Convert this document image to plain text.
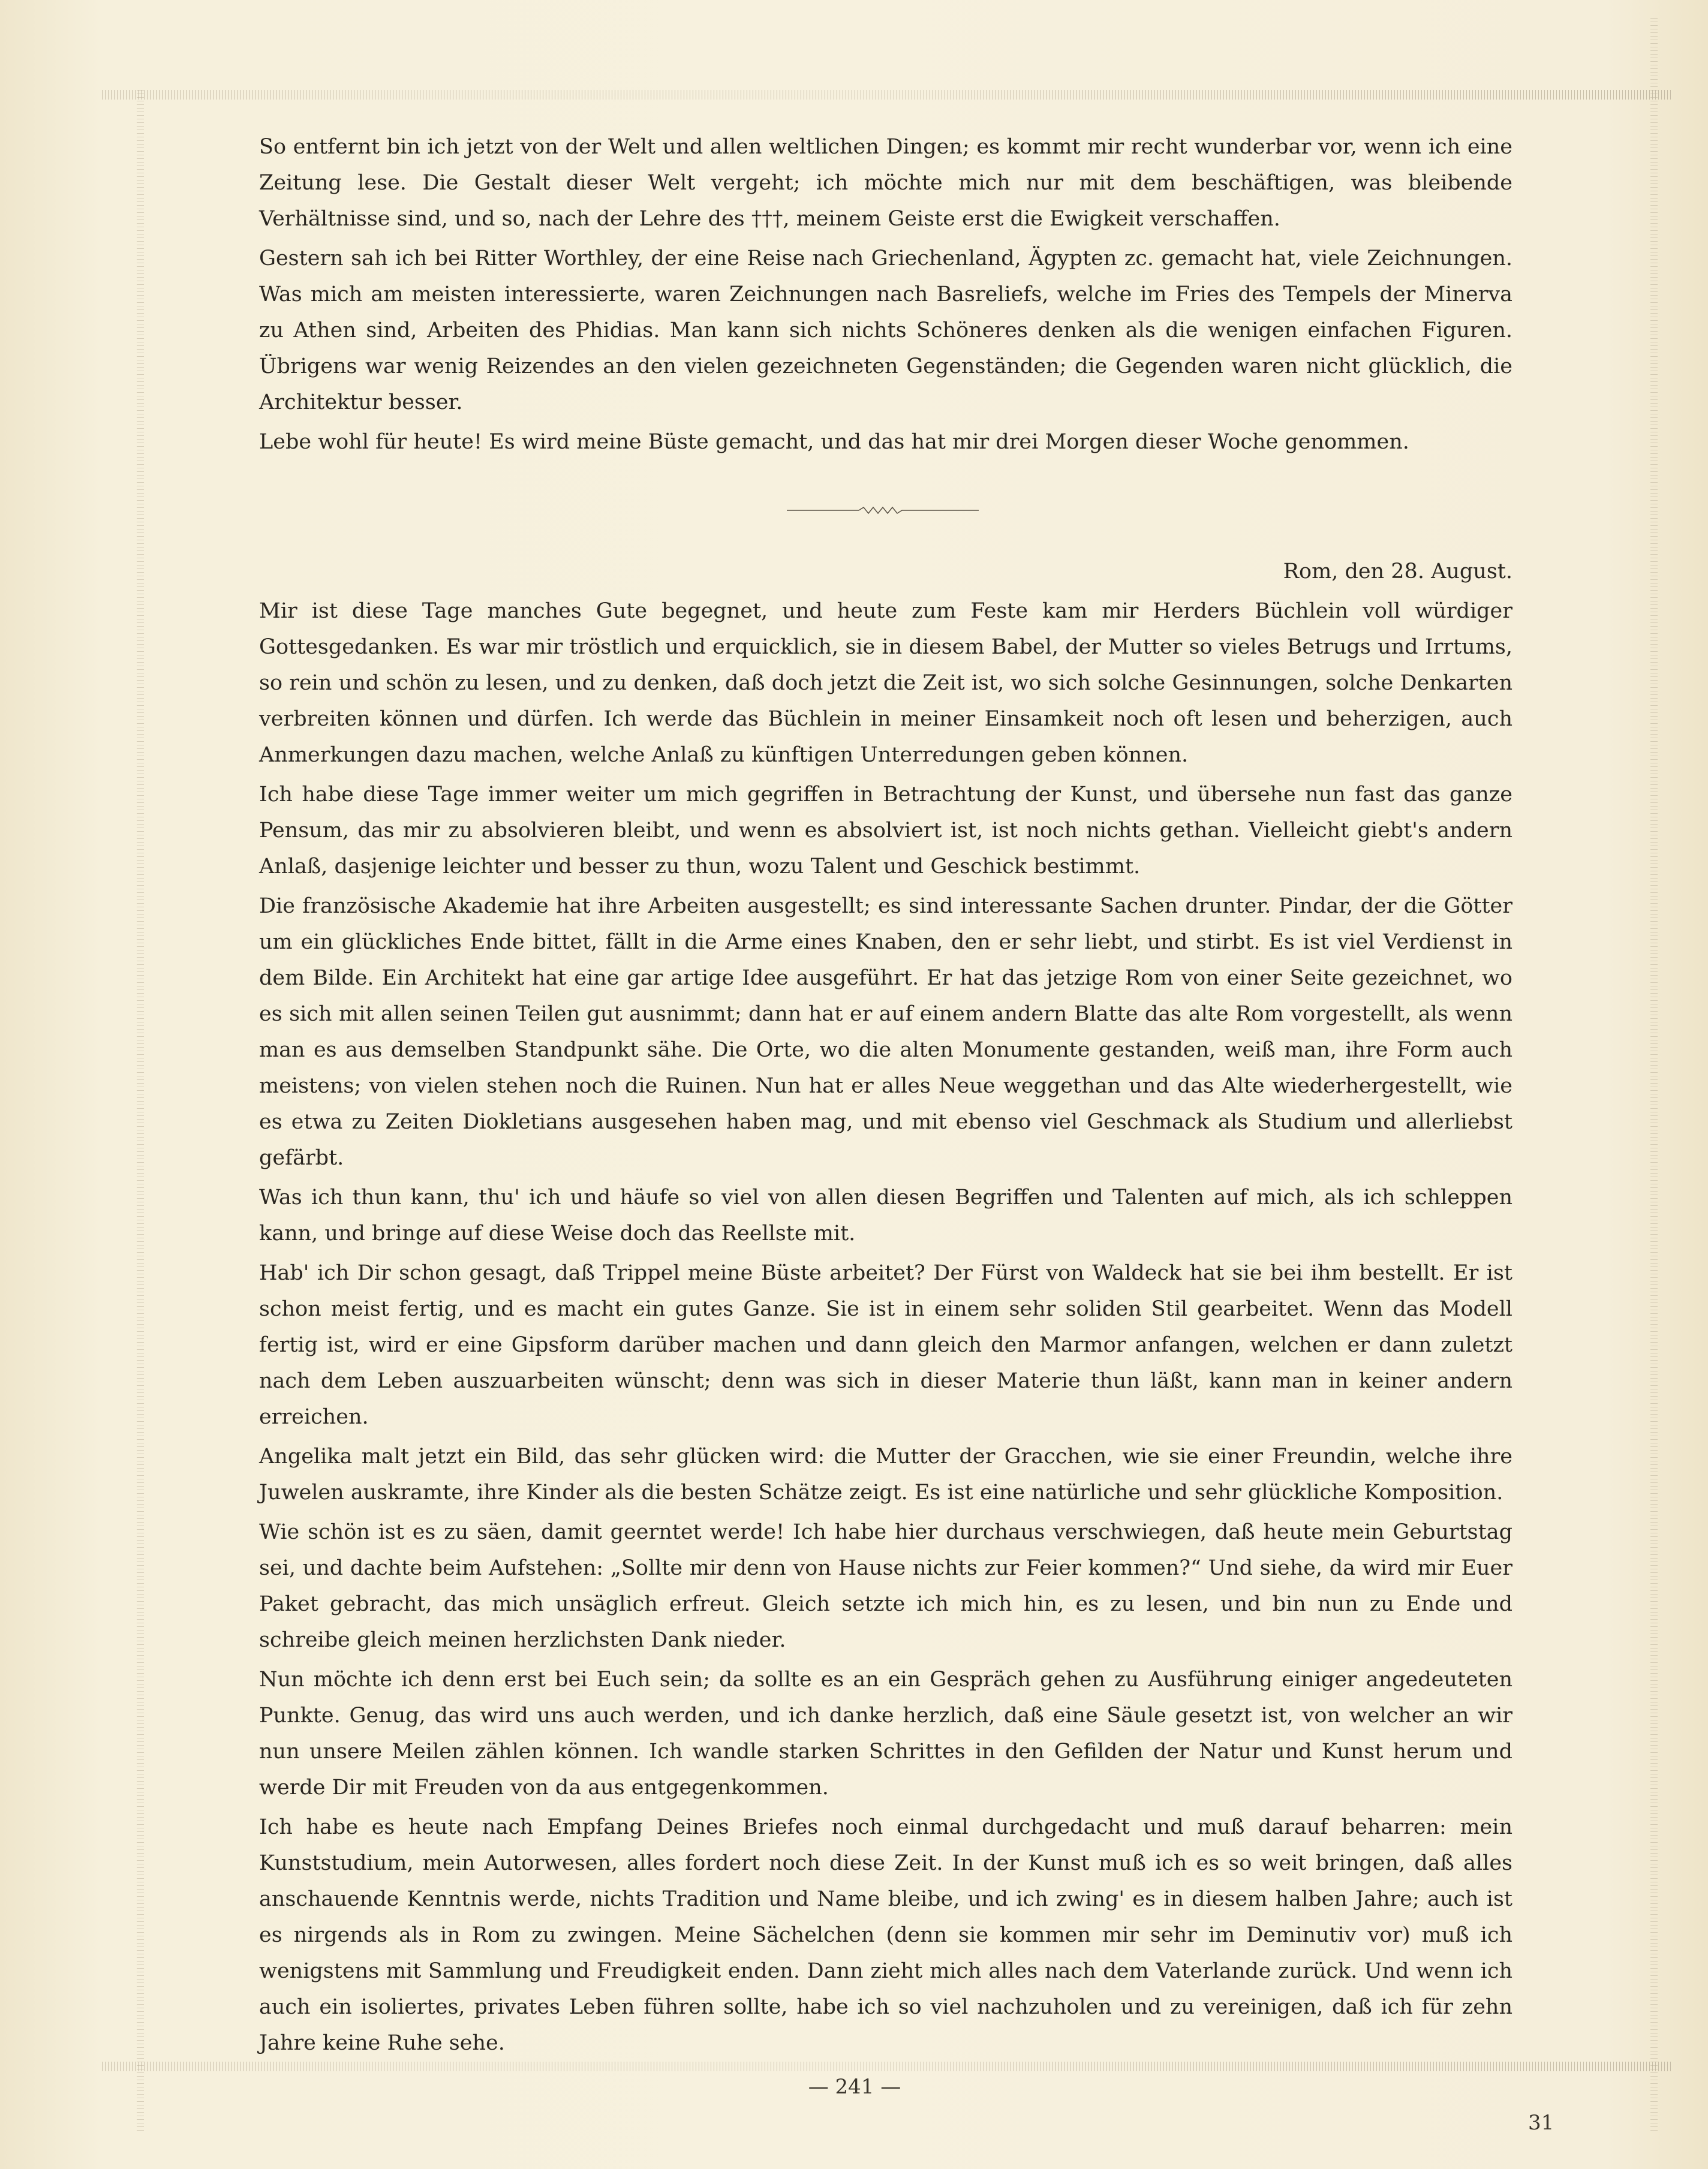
So entfernt bin ich jetzt von der Welt und allen weltlichen Dingen; es kommt mir recht wunderbar vor, wenn ich eine Zeitung lese. Die Gestalt dieser Welt vergeht; ich möchte mich nur mit dem beschäftigen, was bleibende Verhältnisse sind, und so, nach der Lehre des †††, meinem Geiste erst die Ewigkeit verschaffen.

Gestern sah ich bei Ritter Worthley, der eine Reise nach Griechenland, Ägypten zc. gemacht hat, viele Zeichnungen. Was mich am meisten interessierte, waren Zeichnungen nach Basreliefs, welche im Fries des Tempels der Minerva zu Athen sind, Arbeiten des Phidias. Man kann sich nichts Schöneres denken als die wenigen einfachen Figuren. Übrigens war wenig Reizendes an den vielen gezeichneten Gegenständen; die Gegenden waren nicht glücklich, die Architektur besser.

Lebe wohl für heute! Es wird meine Büste gemacht, und das hat mir drei Morgen dieser Woche genommen.

Rom, den 28. August.

Mir ist diese Tage manches Gute begegnet, und heute zum Feste kam mir Herders Büchlein voll würdiger Gottesgedanken. Es war mir tröstlich und erquicklich, sie in diesem Babel, der Mutter so vieles Betrugs und Irrtums, so rein und schön zu lesen, und zu denken, daß doch jetzt die Zeit ist, wo sich solche Gesinnungen, solche Denkarten verbreiten können und dürfen. Ich werde das Büchlein in meiner Einsamkeit noch oft lesen und beherzigen, auch Anmerkungen dazu machen, welche Anlaß zu künftigen Unterredungen geben können.

Ich habe diese Tage immer weiter um mich gegriffen in Betrachtung der Kunst, und übersehe nun fast das ganze Pensum, das mir zu absolvieren bleibt, und wenn es absolviert ist, ist noch nichts gethan. Vielleicht giebt's andern Anlaß, dasjenige leichter und besser zu thun, wozu Talent und Geschick bestimmt.

Die französische Akademie hat ihre Arbeiten ausgestellt; es sind interessante Sachen drunter. Pindar, der die Götter um ein glückliches Ende bittet, fällt in die Arme eines Knaben, den er sehr liebt, und stirbt. Es ist viel Verdienst in dem Bilde. Ein Architekt hat eine gar artige Idee ausgeführt. Er hat das jetzige Rom von einer Seite gezeichnet, wo es sich mit allen seinen Teilen gut ausnimmt; dann hat er auf einem andern Blatte das alte Rom vorgestellt, als wenn man es aus demselben Standpunkt sähe. Die Orte, wo die alten Monumente gestanden, weiß man, ihre Form auch meistens; von vielen stehen noch die Ruinen. Nun hat er alles Neue weggethan und das Alte wiederhergestellt, wie es etwa zu Zeiten Diokletians ausgesehen haben mag, und mit ebenso viel Geschmack als Studium und allerliebst gefärbt.

Was ich thun kann, thu' ich und häufe so viel von allen diesen Begriffen und Talenten auf mich, als ich schleppen kann, und bringe auf diese Weise doch das Reellste mit.

Hab' ich Dir schon gesagt, daß Trippel meine Büste arbeitet? Der Fürst von Waldeck hat sie bei ihm bestellt. Er ist schon meist fertig, und es macht ein gutes Ganze. Sie ist in einem sehr soliden Stil gearbeitet. Wenn das Modell fertig ist, wird er eine Gipsform darüber machen und dann gleich den Marmor anfangen, welchen er dann zuletzt nach dem Leben auszuarbeiten wünscht; denn was sich in dieser Materie thun läßt, kann man in keiner andern erreichen.

Angelika malt jetzt ein Bild, das sehr glücken wird: die Mutter der Gracchen, wie sie einer Freundin, welche ihre Juwelen auskramte, ihre Kinder als die besten Schätze zeigt. Es ist eine natürliche und sehr glückliche Komposition.

Wie schön ist es zu säen, damit geerntet werde! Ich habe hier durchaus verschwiegen, daß heute mein Geburtstag sei, und dachte beim Aufstehen: „Sollte mir denn von Hause nichts zur Feier kommen?“ Und siehe, da wird mir Euer Paket gebracht, das mich unsäglich erfreut. Gleich setzte ich mich hin, es zu lesen, und bin nun zu Ende und schreibe gleich meinen herzlichsten Dank nieder.

Nun möchte ich denn erst bei Euch sein; da sollte es an ein Gespräch gehen zu Ausführung einiger angedeuteten Punkte. Genug, das wird uns auch werden, und ich danke herzlich, daß eine Säule gesetzt ist, von welcher an wir nun unsere Meilen zählen können. Ich wandle starken Schrittes in den Gefilden der Natur und Kunst herum und werde Dir mit Freuden von da aus entgegenkommen.

Ich habe es heute nach Empfang Deines Briefes noch einmal durchgedacht und muß darauf beharren: mein Kunststudium, mein Autorwesen, alles fordert noch diese Zeit. In der Kunst muß ich es so weit bringen, daß alles anschauende Kenntnis werde, nichts Tradition und Name bleibe, und ich zwing' es in diesem halben Jahre; auch ist es nirgends als in Rom zu zwingen. Meine Sächelchen (denn sie kommen mir sehr im Deminutiv vor) muß ich wenigstens mit Sammlung und Freudigkeit enden. Dann zieht mich alles nach dem Vaterlande zurück. Und wenn ich auch ein isoliertes, privates Leben führen sollte, habe ich so viel nachzuholen und zu vereinigen, daß ich für zehn Jahre keine Ruhe sehe.

— 241 —
31
